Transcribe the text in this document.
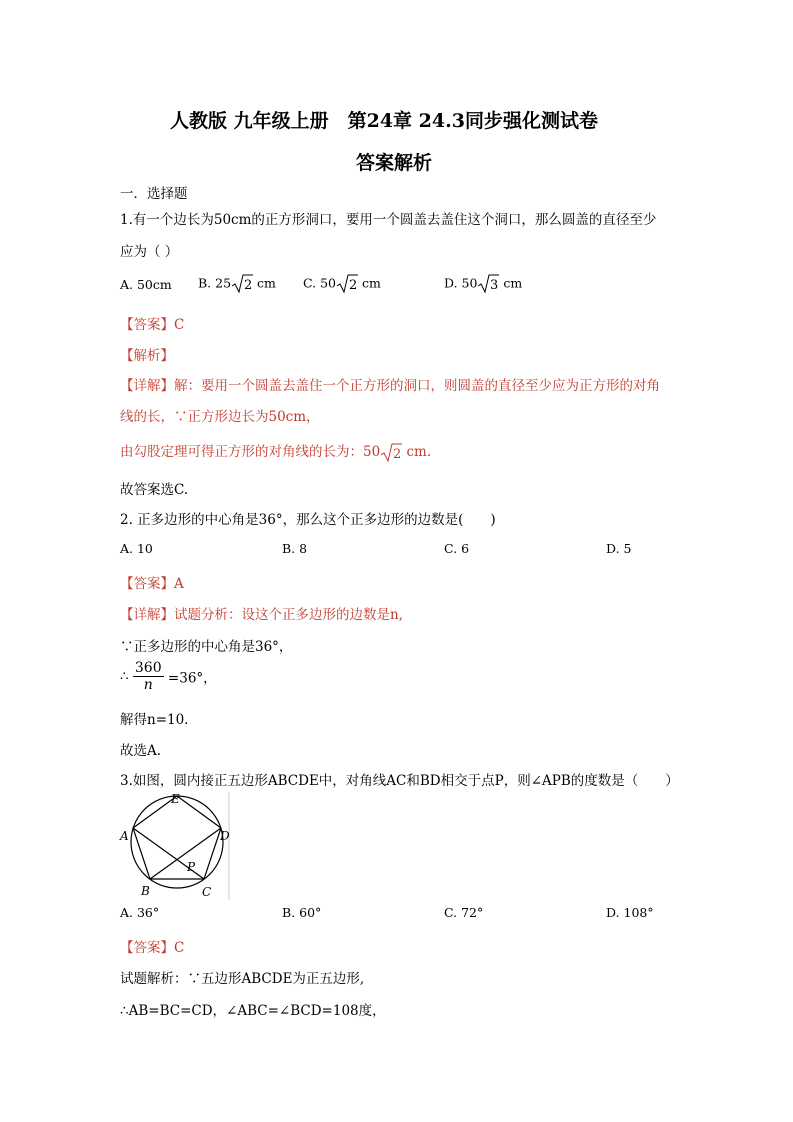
人教版 九年级上册　第24章 24.3同步强化测试卷
答案解析
一．选择题
1.有一个边长为50cm的正方形洞口，要用一个圆盖去盖住这个洞口，那么圆盖的直径至少
应为（ ）
A. 50cm B. 25 2 cm C. 50 2 cm	D. 50 3 cm
【答案】C
【解析】
【详解】解：要用一个圆盖去盖住一个正方形的洞口，则圆盖的直径至少应为正方形的对角
线的长，∵正方形边长为50cm，
由勾股定理可得正方形的对角线的长为：50 2 cm.
故答案选C.
2. 正多边形的中心角是36°，那么这个正多边形的边数是(　　)
A. 10	B. 8	C. 6	D. 5
【答案】A
【详解】试题分析：设这个正多边形的边数是n,
∵正多边形的中心角是36°，
∴ $\frac{360}{n} =36^\circ$，
解得n=10.
故选A.
3.如图，圆内接正五边形ABCDE中，对角线AC和BD相交于点P，则∠APB的度数是（　　）
E
D
A
B	C
P
A. 36°	B. 60°	C. 72°	D. 108°
【答案】C
试题解析：∵五边形ABCDE为正五边形,
∴AB=BC=CD，∠ABC=∠BCD=108度，
